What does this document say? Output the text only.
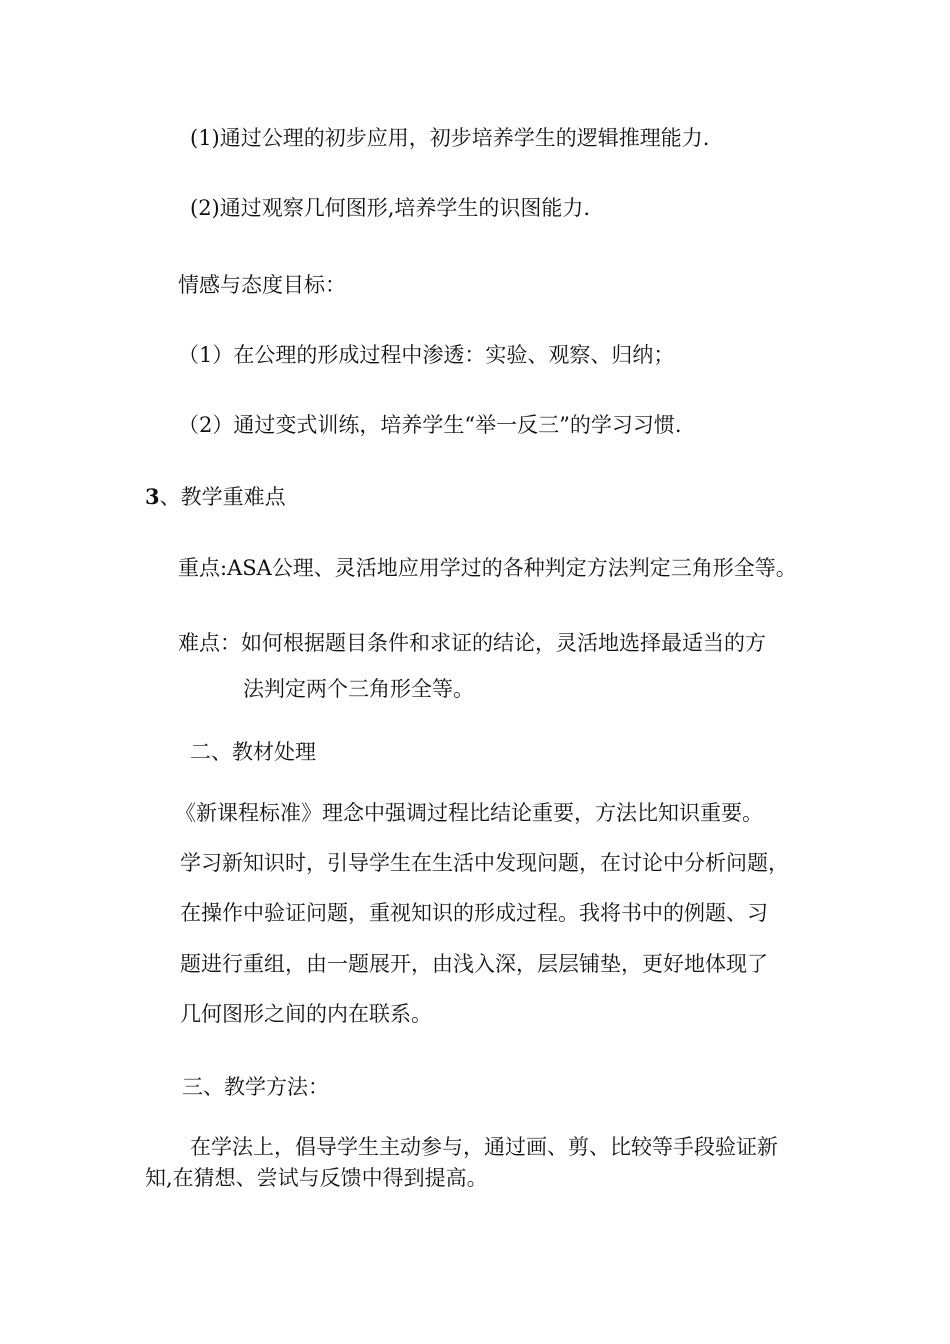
(1)通过公理的初步应用，初步培养学生的逻辑推理能力.

(2)通过观察几何图形,培养学生的识图能力.

情感与态度目标：

（1）在公理的形成过程中渗透：实验、观察、归纳；

（2）通过变式训练，培养学生“举一反三”的学习习惯.

3、教学重难点

重点:ASA公理、灵活地应用学过的各种判定方法判定三角形全等。

难点：如何根据题目条件和求证的结论，灵活地选择最适当的方

法判定两个三角形全等。

二、教材处理

《新课程标准》理念中强调过程比结论重要，方法比知识重要。

学习新知识时，引导学生在生活中发现问题，在讨论中分析问题，

在操作中验证问题，重视知识的形成过程。我将书中的例题、习

题进行重组，由一题展开，由浅入深，层层铺垫，更好地体现了

几何图形之间的内在联系。

三、教学方法：

在学法上，倡导学生主动参与，通过画、剪、比较等手段验证新

知,在猜想、尝试与反馈中得到提高。
